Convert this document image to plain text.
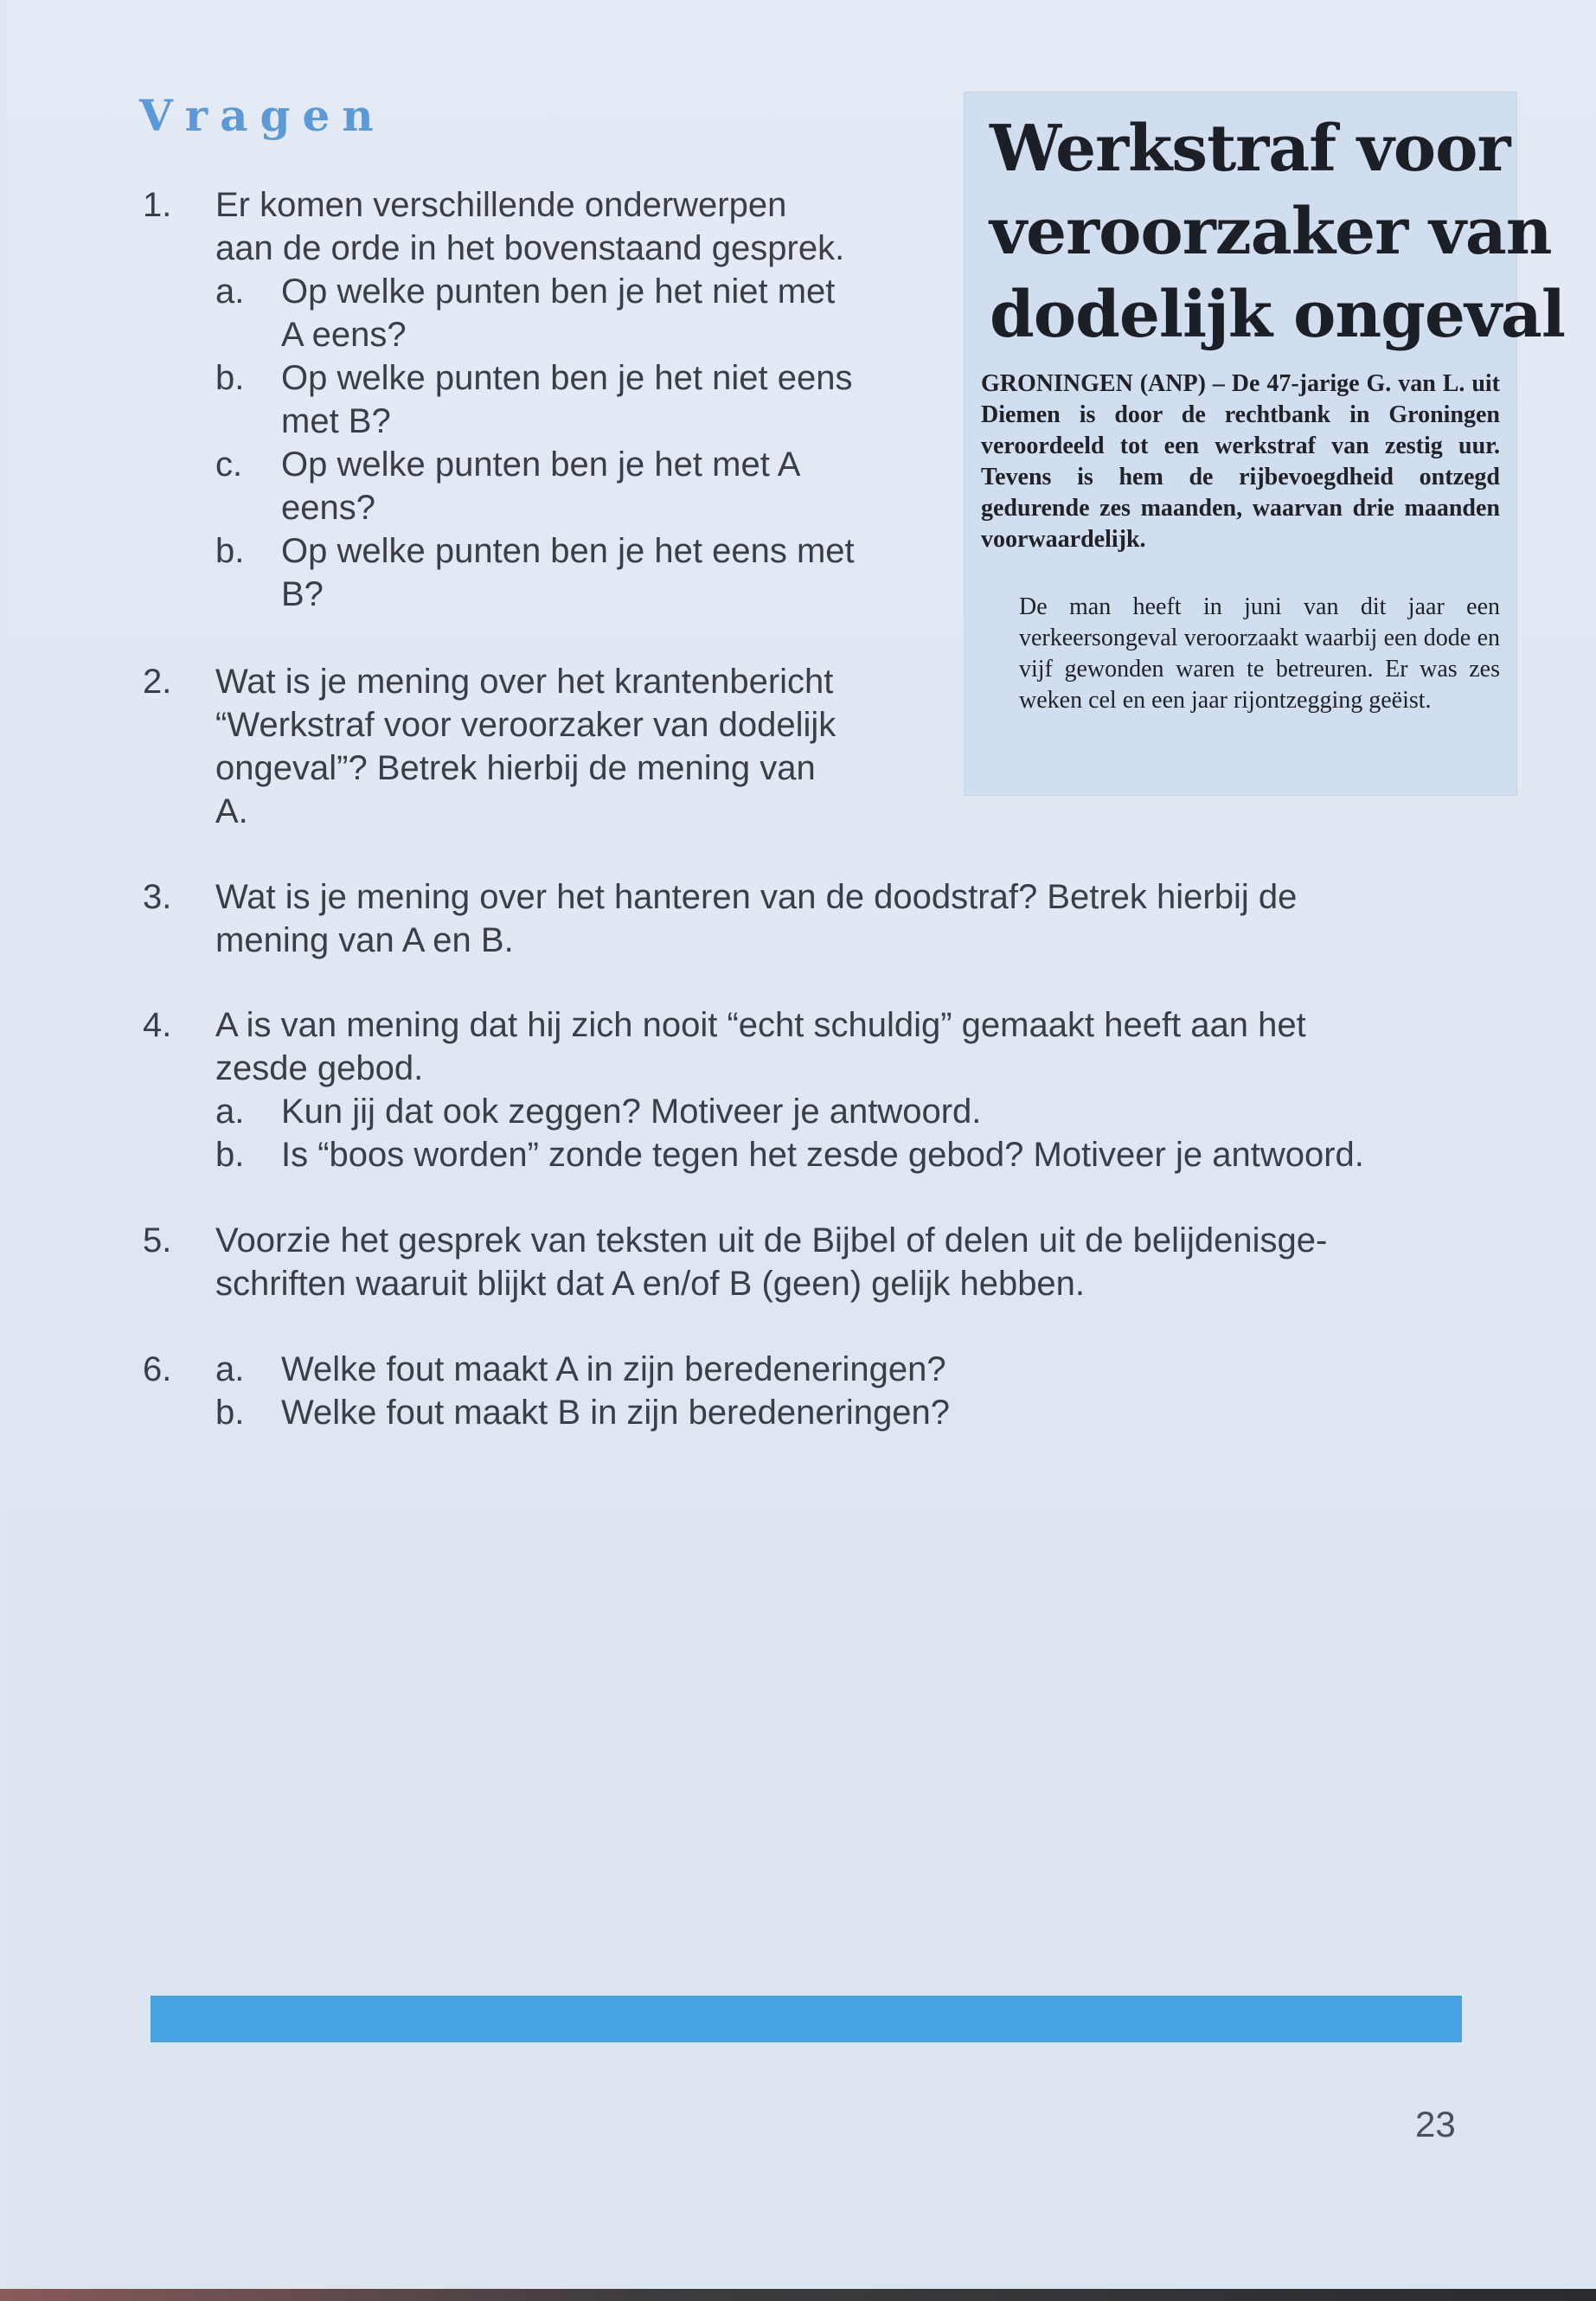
Vragen
1. Er komen verschillende onderwerpen
aan de orde in het bovenstaand gesprek.
a. Op welke punten ben je het niet met
A eens?
b. Op welke punten ben je het niet eens
met B?
c. Op welke punten ben je het met A
eens?
b. Op welke punten ben je het eens met
B?
2. Wat is je mening over het krantenbericht
“Werkstraf voor veroorzaker van dodelijk
ongeval”? Betrek hierbij de mening van
A.
3. Wat is je mening over het hanteren van de doodstraf? Betrek hierbij de
mening van A en B.
4. A is van mening dat hij zich nooit “echt schuldig” gemaakt heeft aan het
zesde gebod.
a. Kun jij dat ook zeggen? Motiveer je antwoord.
b. Is “boos worden” zonde tegen het zesde gebod? Motiveer je antwoord.
5. Voorzie het gesprek van teksten uit de Bijbel of delen uit de belijdenisge-
schriften waaruit blijkt dat A en/of B (geen) gelijk hebben.
6. a. Welke fout maakt A in zijn beredeneringen?
b. Welke fout maakt B in zijn beredeneringen?
Werkstraf voor
veroorzaker van
dodelijk ongeval
GRONINGEN (ANP) – De 47-jarige G. van L. uit Diemen is door de rechtbank in Groningen veroordeeld tot een werkstraf van zestig uur. Tevens is hem de rijbevoegdheid ontzegd gedurende zes maanden, waarvan drie maanden voorwaardelijk.
De man heeft in juni van dit jaar een verkeersongeval veroorzaakt waarbij een dode en vijf gewonden waren te betreuren. Er was zes weken cel en een jaar rijontzegging geëist.
23
